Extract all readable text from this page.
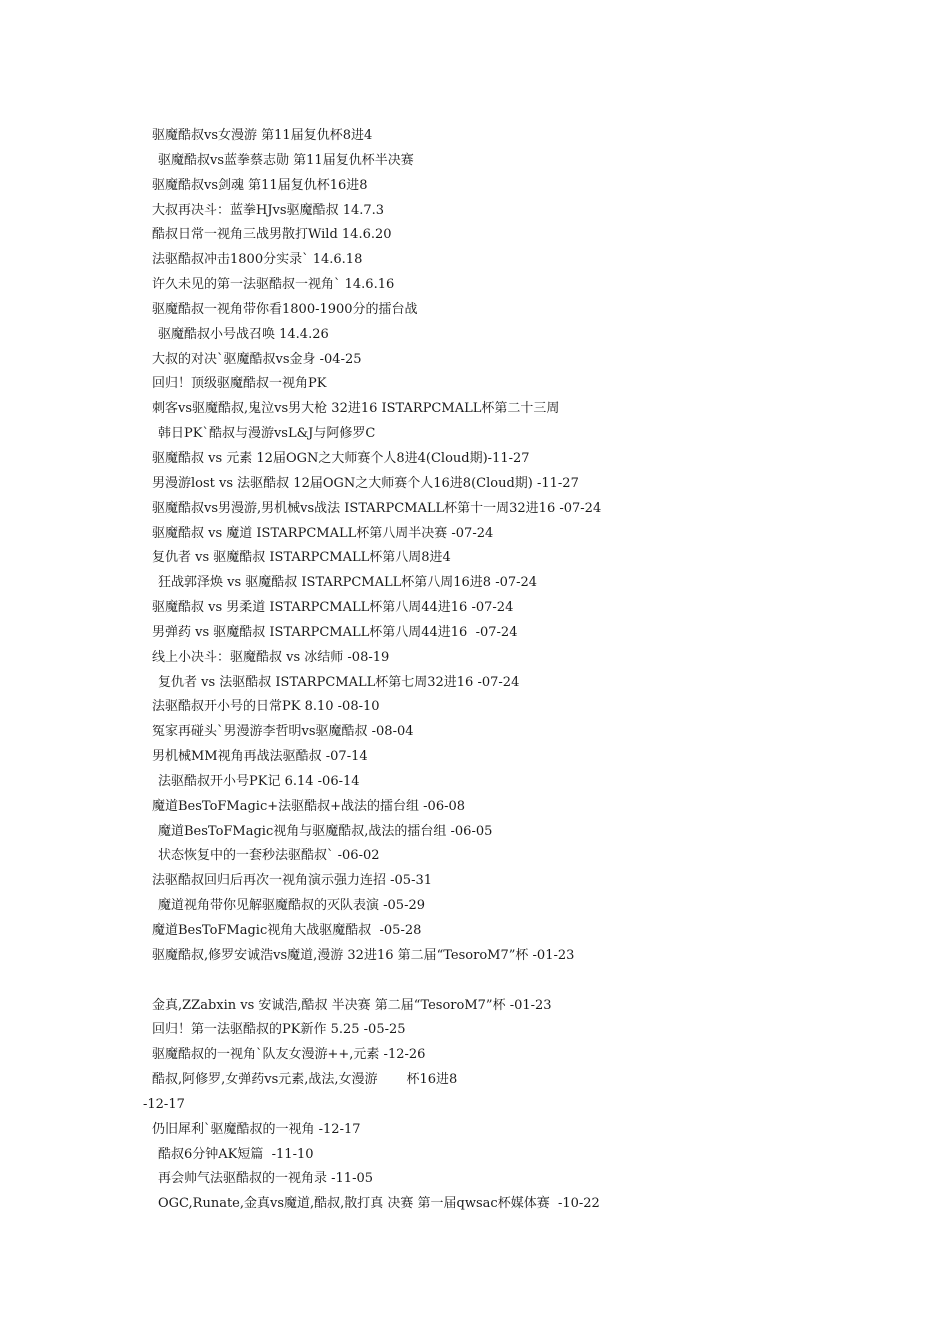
驱魔酷叔vs女漫游 第11届复仇杯8进4
驱魔酷叔vs蓝拳蔡志勋 第11届复仇杯半决赛
驱魔酷叔vs剑魂 第11届复仇杯16进8
大叔再决斗：蓝拳HJvs驱魔酷叔 14.7.3
酷叔日常一视角三战男散打Wild 14.6.20
法驱酷叔冲击1800分实录` 14.6.18
许久未见的第一法驱酷叔一视角` 14.6.16
驱魔酷叔一视角带你看1800-1900分的擂台战
驱魔酷叔小号战召唤 14.4.26
大叔的对决`驱魔酷叔vs金身 -04-25
回归！顶级驱魔酷叔一视角PK
刺客vs驱魔酷叔,鬼泣vs男大枪 32进16 ISTARPCMALL杯第二十三周
韩日PK`酷叔与漫游vsL&J与阿修罗C
驱魔酷叔 vs 元素 12届OGN之大师赛个人8进4(Cloud期)-11-27
男漫游lost vs 法驱酷叔 12届OGN之大师赛个人16进8(Cloud期) -11-27
驱魔酷叔vs男漫游,男机械vs战法 ISTARPCMALL杯第十一周32进16 -07-24
驱魔酷叔 vs 魔道 ISTARPCMALL杯第八周半决赛 -07-24
复仇者 vs 驱魔酷叔 ISTARPCMALL杯第八周8进4
狂战郭泽焕 vs 驱魔酷叔 ISTARPCMALL杯第八周16进8 -07-24
驱魔酷叔 vs 男柔道 ISTARPCMALL杯第八周44进16 -07-24
男弹药 vs 驱魔酷叔 ISTARPCMALL杯第八周44进16  -07-24
线上小决斗：驱魔酷叔 vs 冰结师 -08-19
复仇者 vs 法驱酷叔 ISTARPCMALL杯第七周32进16 -07-24
法驱酷叔开小号的日常PK 8.10 -08-10
冤家再碰头`男漫游李哲明vs驱魔酷叔 -08-04
男机械MM视角再战法驱酷叔 -07-14
法驱酷叔开小号PK记 6.14 -06-14
魔道BesToFMagic+法驱酷叔+战法的擂台组 -06-08
魔道BesToFMagic视角与驱魔酷叔,战法的擂台组 -06-05
状态恢复中的一套秒法驱酷叔` -06-02
法驱酷叔回归后再次一视角演示强力连招 -05-31
魔道视角带你见解驱魔酷叔的灭队表演 -05-29
魔道BesToFMagic视角大战驱魔酷叔  -05-28
驱魔酷叔,修罗安诚浩vs魔道,漫游 32进16 第二届“TesoroM7”杯 -01-23
金真,ZZabxin vs 安诚浩,酷叔 半决赛 第二届“TesoroM7”杯 -01-23
回归！第一法驱酷叔的PK新作 5.25 -05-25
驱魔酷叔的一视角`队友女漫游++,元素 -12-26
酷叔,阿修罗,女弹药vs元素,战法,女漫游       杯16进8
-12-17
仍旧犀利`驱魔酷叔的一视角 -12-17
酷叔6分钟AK短篇  -11-10
再会帅气法驱酷叔的一视角录 -11-05
OGC,Runate,金真vs魔道,酷叔,散打真 决赛 第一届qwsac杯媒体赛  -10-22
